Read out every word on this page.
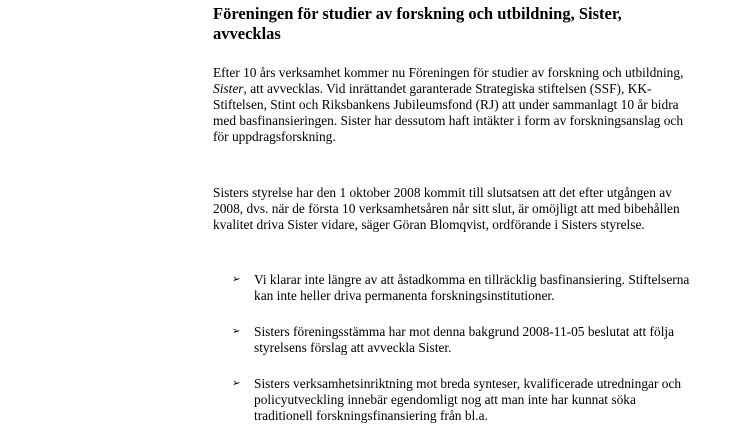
Föreningen för studier av forskning och utbildning, Sister, avvecklas

Efter 10 års verksamhet kommer nu Föreningen för studier av forskning och utbildning, Sister, att avvecklas. Vid inrättandet garanterade Strategiska stiftelsen (SSF), KK-Stiftelsen, Stint och Riksbankens Jubileumsfond (RJ) att under sammanlagt 10 år bidra med basfinansieringen. Sister har dessutom haft intäkter i form av forskningsanslag och för uppdragsforskning.

Sisters styrelse har den 1 oktober 2008 kommit till slutsatsen att det efter utgången av 2008, dvs. när de första 10 verksamhetsåren når sitt slut, är omöjligt att med bibehållen kvalitet driva Sister vidare, säger Göran Blomqvist, ordförande i Sisters styrelse.

➢	Vi klarar inte längre av att åstadkomma en tillräcklig basfinansiering. Stiftelserna kan inte heller driva permanenta forskningsinstitutioner.
➢	Sisters föreningsstämma har mot denna bakgrund 2008-11-05 beslutat att följa styrelsens förslag att avveckla Sister.
➢	Sisters verksamhetsinriktning mot breda synteser, kvalificerade utredningar och policyutveckling innebär egendomligt nog att man inte har kunnat söka traditionell forskningsfinansiering från bl.a.
